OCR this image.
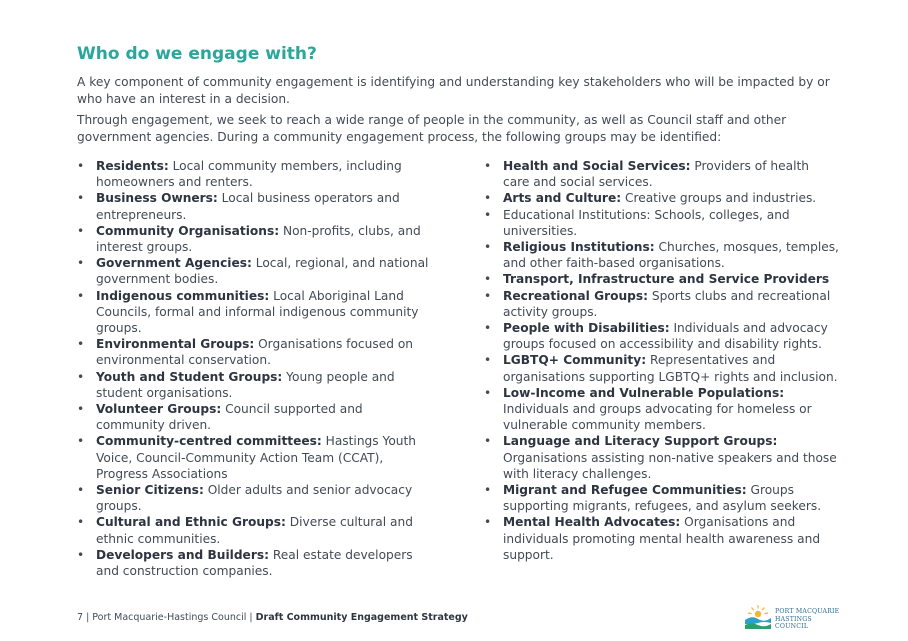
Who do we engage with?

A key component of community engagement is identifying and understanding key stakeholders who will be impacted by or who have an interest in a decision.

Through engagement, we seek to reach a wide range of people in the community, as well as Council staff and other government agencies. During a community engagement process, the following groups may be identified:

• Residents: Local community members, including homeowners and renters.
• Business Owners: Local business operators and entrepreneurs.
• Community Organisations: Non-profits, clubs, and interest groups.
• Government Agencies: Local, regional, and national government bodies.
• Indigenous communities: Local Aboriginal Land Councils, formal and informal indigenous community groups.
• Environmental Groups: Organisations focused on environmental conservation.
• Youth and Student Groups: Young people and student organisations.
• Volunteer Groups: Council supported and community driven.
• Community-centred committees: Hastings Youth Voice, Council-Community Action Team (CCAT), Progress Associations
• Senior Citizens: Older adults and senior advocacy groups.
• Cultural and Ethnic Groups: Diverse cultural and ethnic communities.
• Developers and Builders: Real estate developers and construction companies.
• Health and Social Services: Providers of health care and social services.
• Arts and Culture: Creative groups and industries.
• Educational Institutions: Schools, colleges, and universities.
• Religious Institutions: Churches, mosques, temples, and other faith-based organisations.
• Transport, Infrastructure and Service Providers
• Recreational Groups: Sports clubs and recreational activity groups.
• People with Disabilities: Individuals and advocacy groups focused on accessibility and disability rights.
• LGBTQ+ Community: Representatives and organisations supporting LGBTQ+ rights and inclusion.
• Low-Income and Vulnerable Populations: Individuals and groups advocating for homeless or vulnerable community members.
• Language and Literacy Support Groups: Organisations assisting non-native speakers and those with literacy challenges.
• Migrant and Refugee Communities: Groups supporting migrants, refugees, and asylum seekers.
• Mental Health Advocates: Organisations and individuals promoting mental health awareness and support.
7 | Port Macquarie-Hastings Council | Draft Community Engagement Strategy
PORT MACQUARIE
HASTINGS COUNCIL
